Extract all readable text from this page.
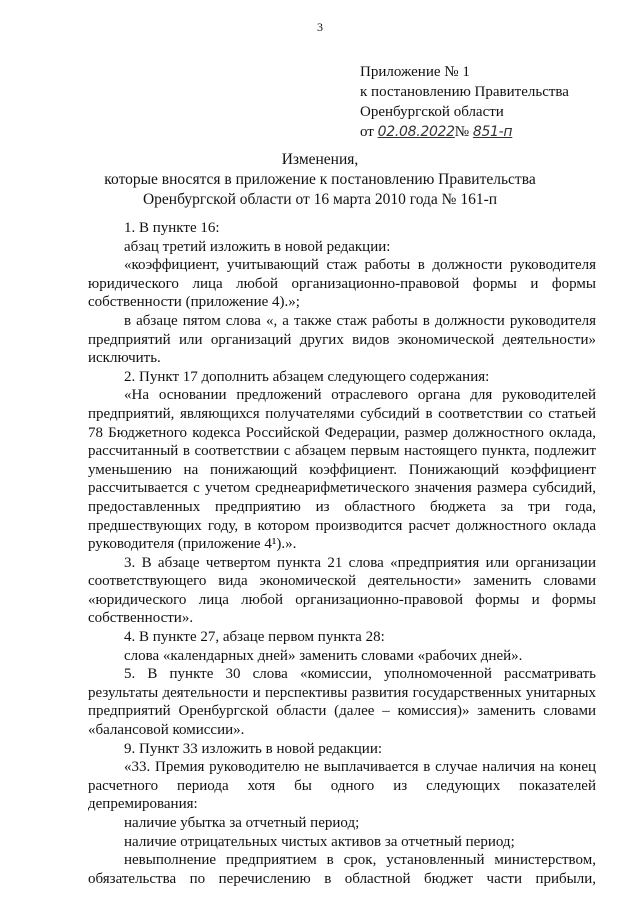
3
Приложение № 1
к постановлению Правительства
Оренбургской области
от 02.08.2022№ 851-п
Изменения,
которые вносятся в приложение к постановлению Правительства
Оренбургской области от 16 марта 2010 года № 161-п

1. В пункте 16:

абзац третий изложить в новой редакции:

«коэффициент, учитывающий стаж работы в должности руководителя юридического лица любой организационно-правовой формы и формы собственности (приложение 4).»;

в абзаце пятом слова «, а также стаж работы в должности руководителя предприятий или организаций других видов экономической деятельности» исключить.

2. Пункт 17 дополнить абзацем следующего содержания:

«На основании предложений отраслевого органа для руководителей предприятий, являющихся получателями субсидий в соответствии со статьей 78 Бюджетного кодекса Российской Федерации, размер должностного оклада, рассчитанный в соответствии с абзацем первым настоящего пункта, подлежит уменьшению на понижающий коэффициент. Понижающий коэффициент рассчитывается с учетом среднеарифметического значения размера субсидий, предоставленных предприятию из областного бюджета за три года, предшествующих году, в котором производится расчет должностного оклада руководителя (приложение 4¹).».

3. В абзаце четвертом пункта 21 слова «предприятия или организации соответствующего вида экономической деятельности» заменить словами «юридического лица любой организационно-правовой формы и формы собственности».

4. В пункте 27, абзаце первом пункта 28:

слова «календарных дней» заменить словами «рабочих дней».

5. В пункте 30 слова «комиссии, уполномоченной рассматривать результаты деятельности и перспективы развития государственных унитарных предприятий Оренбургской области (далее – комиссия)» заменить словами «балансовой комиссии».

9. Пункт 33 изложить в новой редакции:

«33. Премия руководителю не выплачивается в случае наличия на конец расчетного периода хотя бы одного из следующих показателей депремирования:

наличие убытка за отчетный период;

наличие отрицательных чистых активов за отчетный период;

невыполнение предприятием в срок, установленный министерством, обязательства по перечислению в областной бюджет части прибыли,
